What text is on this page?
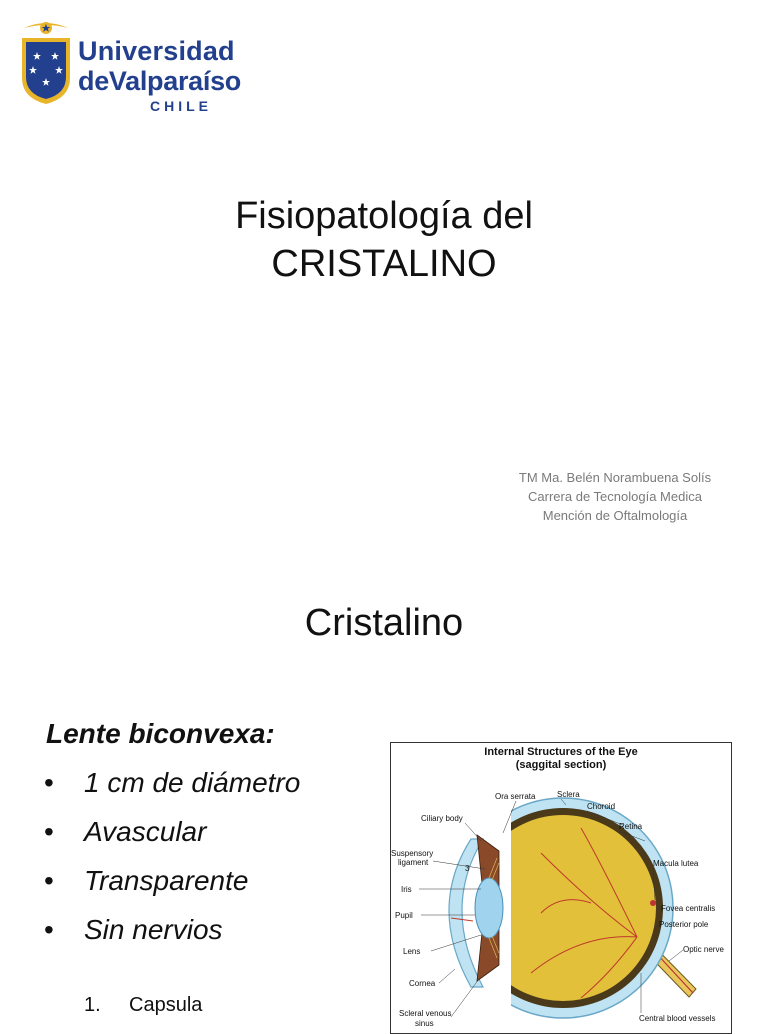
Universidad
deValparaíso
CHILE
Fisiopatología del
CRISTALINO
TM Ma. Belén Norambuena Solís
Carrera de Tecnología Medica
Mención de Oftalmología
Cristalino
Lente biconvexa:
• 1 cm de diámetro
• Avascular
• Transparente
• Sin nervios
1. Capsula
Internal Structures of the Eye
(saggital section)
Ora serrata	Sclera
Choroid
Retina
Ciliary body
Suspensory
ligament
3
Iris
Pupil
Lens
Cornea
Scleral venous
sinus
Macula lutea
Fovea centralis
Posterior pole
Optic nerve
Central blood vessels
